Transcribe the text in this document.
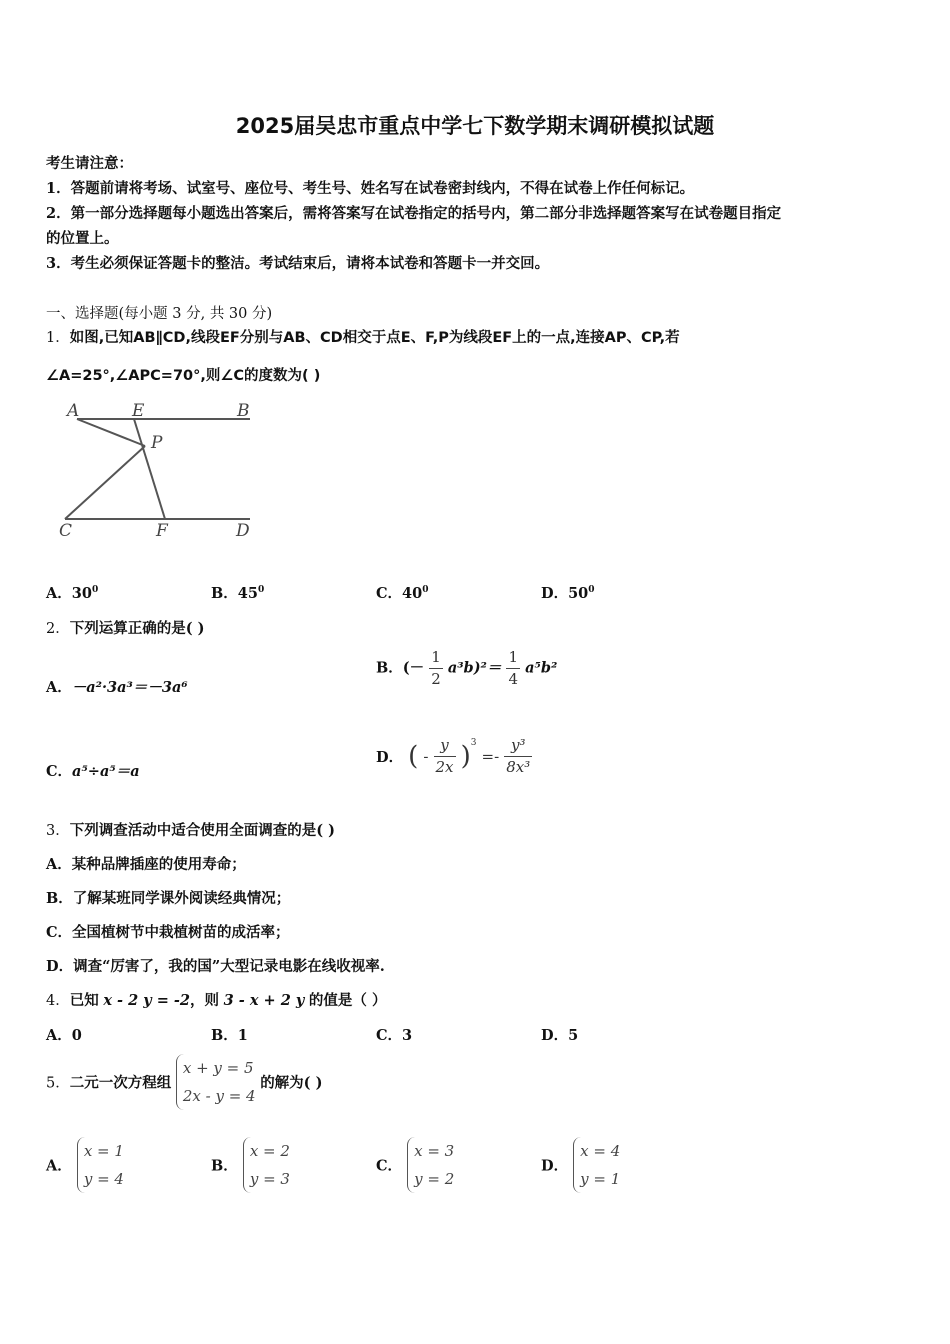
2025届吴忠市重点中学七下数学期末调研模拟试题
考生请注意：
1．答题前请将考场、试室号、座位号、考生号、姓名写在试卷密封线内，不得在试卷上作任何标记。
2．第一部分选择题每小题选出答案后，需将答案写在试卷指定的括号内，第二部分非选择题答案写在试卷题目指定
的位置上。
3．考生必须保证答题卡的整洁。考试结束后，请将本试卷和答题卡一并交回。
一、选择题(每小题 3 分, 共 30 分)
1．如图,已知AB∥CD,线段EF分别与AB、CD相交于点E、F,P为线段EF上的一点,连接AP、CP,若
∠A=25°,∠APC=70°,则∠C的度数为( )
A	E	B
P
C	F	D
A．$30^0$	B．$45^0$	C．$40^0$	D．$50^0$
2．下列运算正确的是( )
A．－a²·3a³＝－3a⁶
B．(－ $\frac{1}{2} a^3b)^2= \frac{1}{4} a^5b^2$
C．a⁵÷a⁵＝a
D． ( - $\frac{y}{2x} )^3 =- \frac{\text{y³}}{\text{8x³}}$
3．下列调查活动中适合使用全面调查的是( )
A．某种品牌插座的使用寿命；
B．了解某班同学课外阅读经典情况；
C．全国植树节中栽植树苗的成活率；
D．调查“厉害了，我的国”大型记录电影在线收视率.
4．已知 x - 2 y = -2，则 3 - x + 2 y 的值是（ ）
A．0	B．1	C．3	D．5
5．二元一次方程组
x + y = 5
2x - y = 4
的解为( )
A．
x = 1
y = 4
B．
x = 2
y = 3
C．
x = 3
y = 2
D．
x = 4
y = 1
